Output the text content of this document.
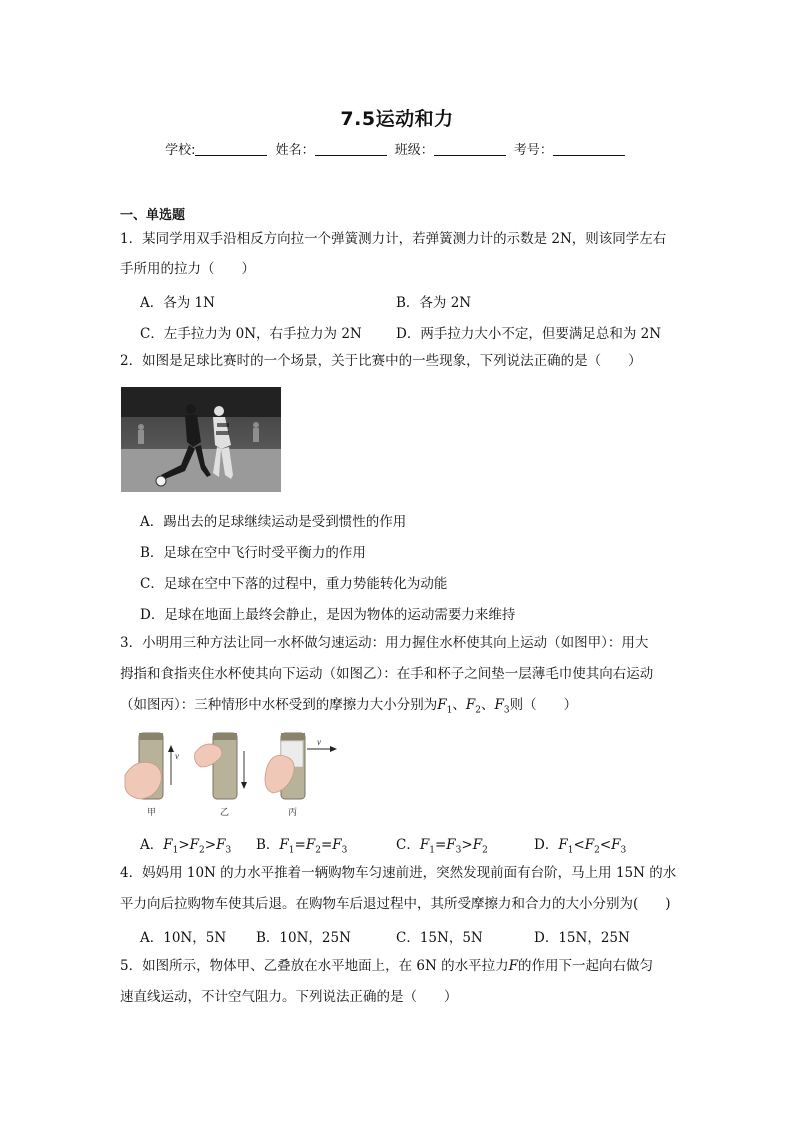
7.5运动和力
学校:	姓名：	班级：	考号：
一、单选题
1．某同学用双手沿相反方向拉一个弹簧测力计，若弹簧测力计的示数是 2N，则该同学左右
手所用的拉力（　　）
A．各为 1N	B．各为 2N
C．左手拉力为 0N，右手拉力为 2N	D．两手拉力大小不定，但要满足总和为 2N
2．如图是足球比赛时的一个场景，关于比赛中的一些现象，下列说法正确的是（　　）
A．踢出去的足球继续运动是受到惯性的作用
B．足球在空中飞行时受平衡力的作用
C．足球在空中下落的过程中，重力势能转化为动能
D．足球在地面上最终会静止，是因为物体的运动需要力来维持
3．小明用三种方法让同一水杯做匀速运动：用力握住水杯使其向上运动（如图甲）：用大
拇指和食指夹住水杯使其向下运动（如图乙）：在手和杯子之间垫一层薄毛巾使其向右运动
（如图丙）：三种情形中水杯受到的摩擦力大小分别为$F_1$、$F_2$、$F_3$则（　　）
v
甲	乙
v
丙
A．$F_1>F_2>F_3$ B．$F_1=F_2=F_3$	C．$F_1=F_3>F_2$	D．$F_1<F_2<F_3$
4．妈妈用 10N 的力水平推着一辆购物车匀速前进，突然发现前面有台阶，马上用 15N 的水
平力向后拉购物车使其后退。在购物车后退过程中，其所受摩擦力和合力的大小分别为(　　)
A．10N，5N B．10N，25N	C．15N，5N	D．15N，25N
5．如图所示，物体甲、乙叠放在水平地面上，在 6N 的水平拉力F的作用下一起向右做匀
速直线运动，不计空气阻力。下列说法正确的是（　　）
